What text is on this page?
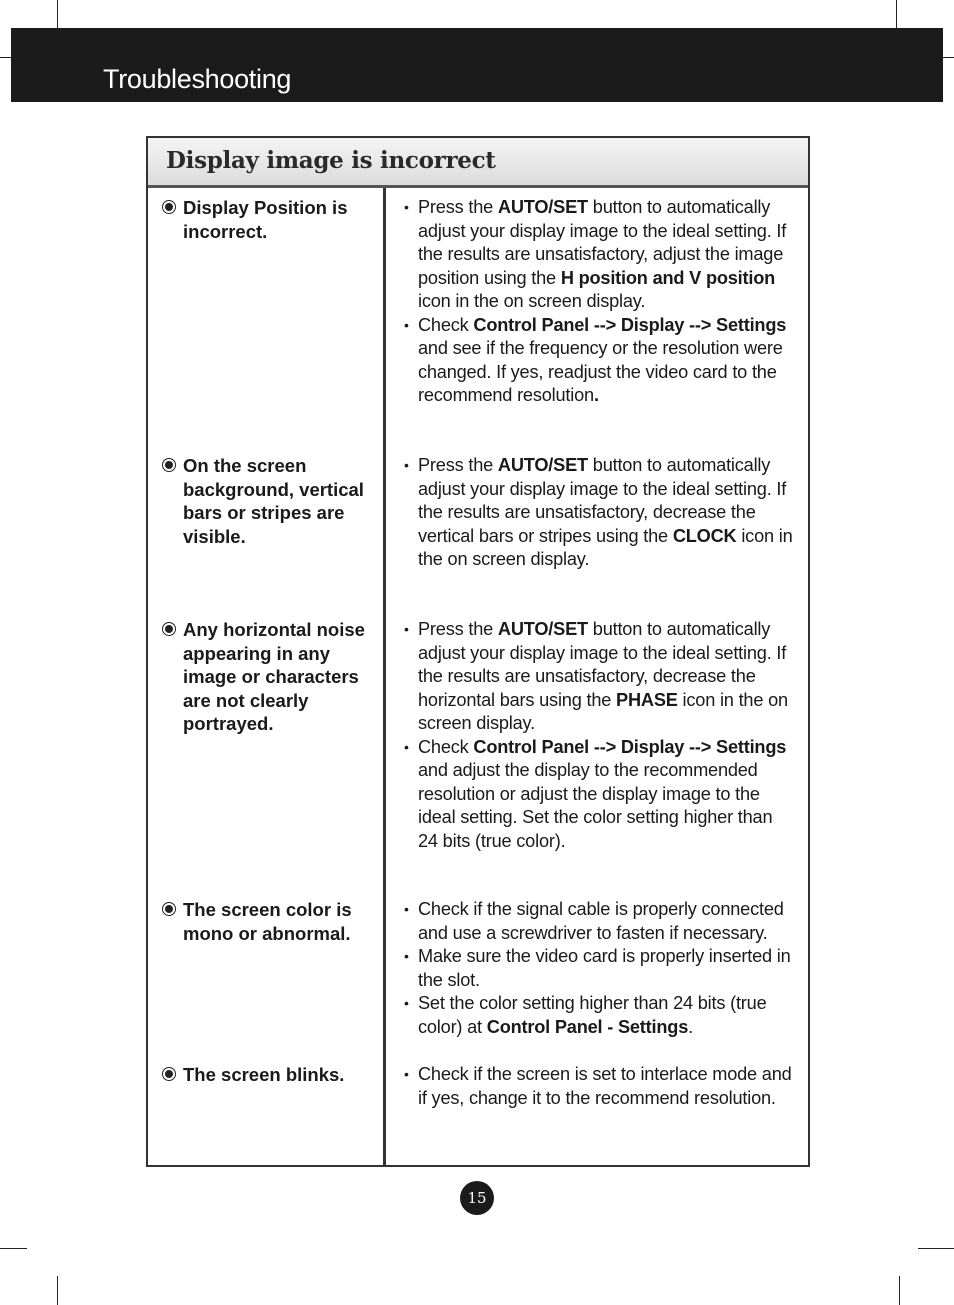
Troubleshooting
Display image is incorrect
Display Position is incorrect.
• Press the AUTO/SET button to automatically adjust your display image to the ideal setting. If the results are unsatisfactory, adjust the image position using the H position and V position icon in the on screen display.
• Check Control Panel --> Display --> Settings and see if the frequency or the resolution were changed. If yes, readjust the video card to the recommend resolution.
On the screen background, vertical bars or stripes are visible.
• Press the AUTO/SET button to automatically adjust your display image to the ideal setting. If the results are unsatisfactory, decrease the vertical bars or stripes using the CLOCK icon in the on screen display.
Any horizontal noise appearing in any image or characters are not clearly portrayed.
• Press the AUTO/SET button to automatically adjust your display image to the ideal setting. If the results are unsatisfactory, decrease the horizontal bars using the PHASE icon in the on screen display.
• Check Control Panel --> Display --> Settings and adjust the display to the recommended resolution or adjust the display image to the ideal setting. Set the color setting higher than 24 bits (true color).
The screen color is mono or abnormal.
• Check if the signal cable is properly connected and use a screwdriver to fasten if necessary.
• Make sure the video card is properly inserted in the slot.
• Set the color setting higher than 24 bits (true color) at Control Panel - Settings.
The screen blinks.	• Check if the screen is set to interlace mode and if yes, change it to the recommend resolution.
15
